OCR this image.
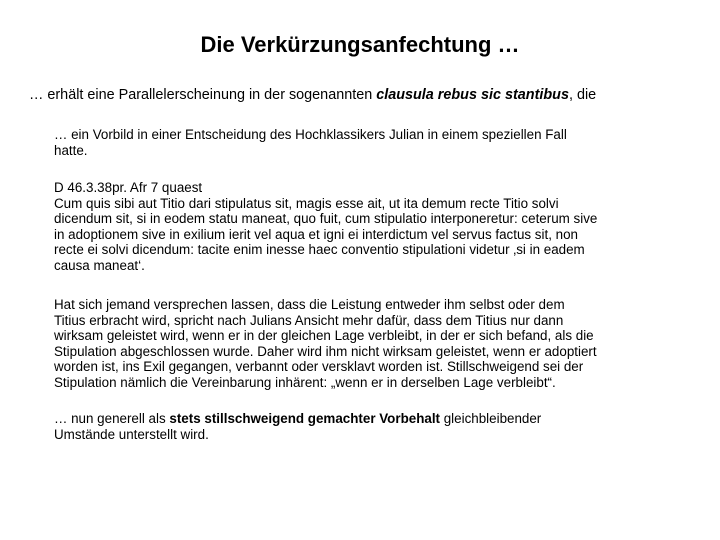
Die Verkürzungsanfechtung …
… erhält eine Parallelerscheinung in der sogenannten clausula rebus sic stantibus, die
… ein Vorbild in einer Entscheidung des Hochklassikers Julian in einem speziellen Fall
hatte.
D 46.3.38pr. Afr 7 quaest
Cum quis sibi aut Titio dari stipulatus sit, magis esse ait, ut ita demum recte Titio solvi
dicendum sit, si in eodem statu maneat, quo fuit, cum stipulatio interponeretur: ceterum sive
in adoptionem sive in exilium ierit vel aqua et igni ei interdictum vel servus factus sit, non
recte ei solvi dicendum: tacite enim inesse haec conventio stipulationi videtur ‚si in eadem
causa maneat‘.
Hat sich jemand versprechen lassen, dass die Leistung entweder ihm selbst oder dem
Titius erbracht wird, spricht nach Julians Ansicht mehr dafür, dass dem Titius nur dann
wirksam geleistet wird, wenn er in der gleichen Lage verbleibt, in der er sich befand, als die
Stipulation abgeschlossen wurde. Daher wird ihm nicht wirksam geleistet, wenn er adoptiert
worden ist, ins Exil gegangen, verbannt oder versklavt worden ist. Stillschweigend sei der
Stipulation nämlich die Vereinbarung inhärent: „wenn er in derselben Lage verbleibt“.
… nun generell als stets stillschweigend gemachter Vorbehalt gleichbleibender
Umstände unterstellt wird.
